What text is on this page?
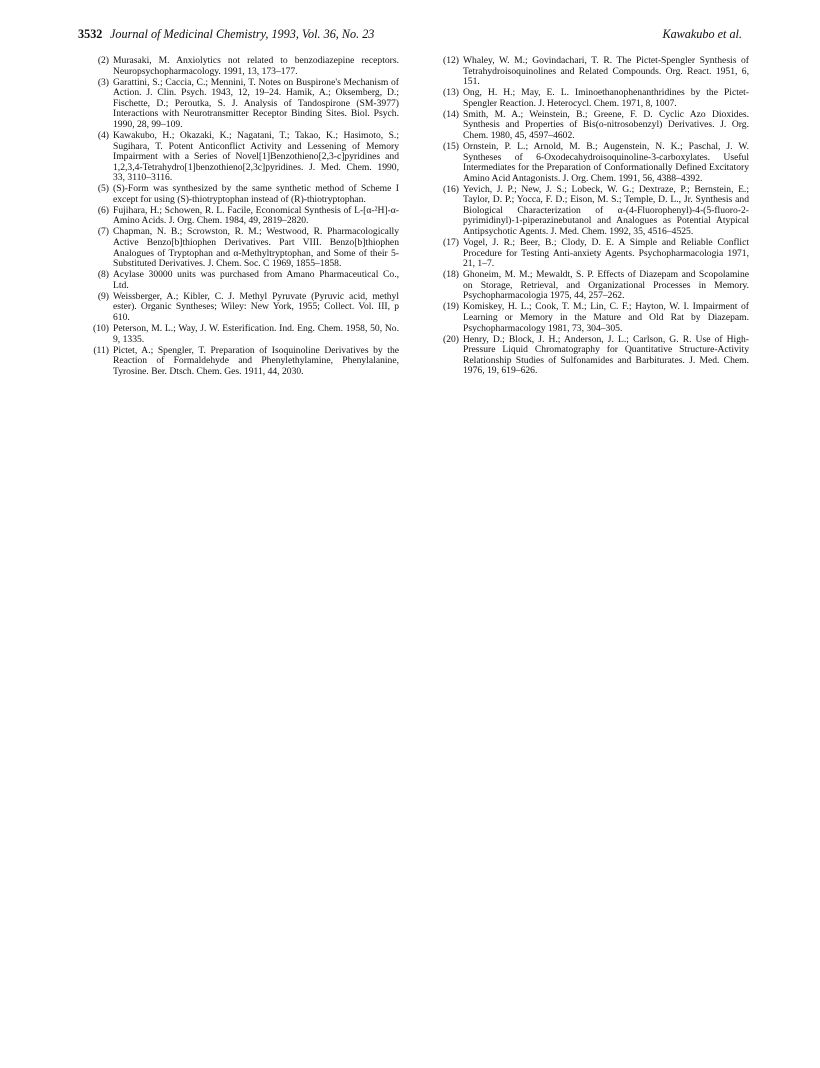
3532 Journal of Medicinal Chemistry, 1993, Vol. 36, No. 23	Kawakubo et al.
(2) Murasaki, M. Anxiolytics not related to benzodiazepine receptors. Neuropsychopharmacology. 1991, 13, 173–177.
(3) Garattini, S.; Caccia, C.; Mennini, T. Notes on Buspirone's Mechanism of Action. J. Clin. Psych. 1943, 12, 19–24. Hamik, A.; Oksemberg, D.; Fischette, D.; Peroutka, S. J. Analysis of Tandospirone (SM-3977) Interactions with Neurotransmitter Receptor Binding Sites. Biol. Psych. 1990, 28, 99–109.
(4) Kawakubo, H.; Okazaki, K.; Nagatani, T.; Takao, K.; Hasimoto, S.; Sugihara, T. Potent Anticonflict Activity and Lessening of Memory Impairment with a Series of Novel[1]Benzothieno[2,3-c]pyridines and 1,2,3,4-Tetrahydro[1]benzothieno[2,3c]pyridines. J. Med. Chem. 1990, 33, 3110–3116.
(5) (S)-Form was synthesized by the same synthetic method of Scheme I except for using (S)-thiotryptophan instead of (R)-thiotryptophan.
(6) Fujihara, H.; Schowen, R. L. Facile, Economical Synthesis of L-[α-²H]-α-Amino Acids. J. Org. Chem. 1984, 49, 2819–2820.
(7) Chapman, N. B.; Scrowston, R. M.; Westwood, R. Pharmacologically Active Benzo[b]thiophen Derivatives. Part VIII. Benzo[b]thiophen Analogues of Tryptophan and α-Methyltryptophan, and Some of their 5-Substituted Derivatives. J. Chem. Soc. C 1969, 1855–1858.
(8) Acylase 30000 units was purchased from Amano Pharmaceutical Co., Ltd.
(9) Weissberger, A.; Kibler, C. J. Methyl Pyruvate (Pyruvic acid, methyl ester). Organic Syntheses; Wiley: New York, 1955; Collect. Vol. III, p 610.
(10) Peterson, M. L.; Way, J. W. Esterification. Ind. Eng. Chem. 1958, 50, No. 9, 1335.
(11) Pictet, A.; Spengler, T. Preparation of Isoquinoline Derivatives by the Reaction of Formaldehyde and Phenylethylamine, Phenylalanine, Tyrosine. Ber. Dtsch. Chem. Ges. 1911, 44, 2030.
(12) Whaley, W. M.; Govindachari, T. R. The Pictet-Spengler Synthesis of Tetrahydroisoquinolines and Related Compounds. Org. React. 1951, 6, 151.
(13) Ong, H. H.; May, E. L. Iminoethanophenanthridines by the Pictet-Spengler Reaction. J. Heterocycl. Chem. 1971, 8, 1007.
(14) Smith, M. A.; Weinstein, B.; Greene, F. D. Cyclic Azo Dioxides. Synthesis and Properties of Bis(o-nitrosobenzyl) Derivatives. J. Org. Chem. 1980, 45, 4597–4602.
(15) Ornstein, P. L.; Arnold, M. B.; Augenstein, N. K.; Paschal, J. W. Syntheses of 6-Oxodecahydroisoquinoline-3-carboxylates. Useful Intermediates for the Preparation of Conformationally Defined Excitatory Amino Acid Antagonists. J. Org. Chem. 1991, 56, 4388–4392.
(16) Yevich, J. P.; New, J. S.; Lobeck, W. G.; Dextraze, P.; Bernstein, E.; Taylor, D. P.; Yocca, F. D.; Eison, M. S.; Temple, D. L., Jr. Synthesis and Biological Characterization of α-(4-Fluorophenyl)-4-(5-fluoro-2-pyrimidinyl)-1-piperazinebutanol and Analogues as Potential Atypical Antipsychotic Agents. J. Med. Chem. 1992, 35, 4516–4525.
(17) Vogel, J. R.; Beer, B.; Clody, D. E. A Simple and Reliable Conflict Procedure for Testing Anti-anxiety Agents. Psychopharmacologia 1971, 21, 1–7.
(18) Ghoneim, M. M.; Mewaldt, S. P. Effects of Diazepam and Scopolamine on Storage, Retrieval, and Organizational Processes in Memory. Psychopharmacologia 1975, 44, 257–262.
(19) Komiskey, H. L.; Cook, T. M.; Lin, C. F.; Hayton, W. I. Impairment of Learning or Memory in the Mature and Old Rat by Diazepam. Psychopharmacology 1981, 73, 304–305.
(20) Henry, D.; Block, J. H.; Anderson, J. L.; Carlson, G. R. Use of High-Pressure Liquid Chromatography for Quantitative Structure-Activity Relationship Studies of Sulfonamides and Barbiturates. J. Med. Chem. 1976, 19, 619–626.
